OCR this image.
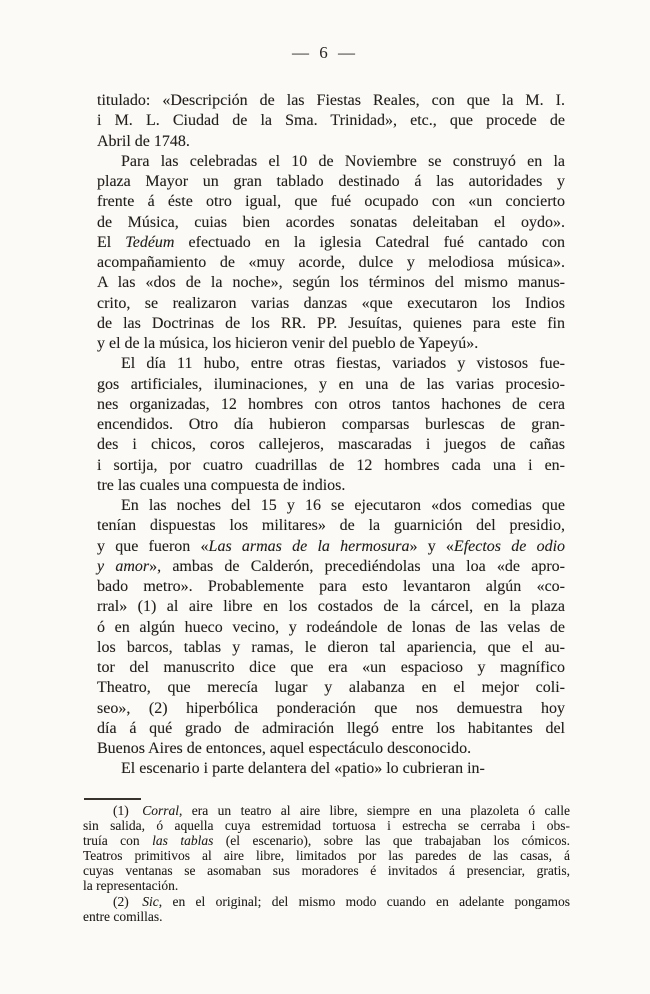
— 6 —
titulado: «Descripción de las Fiestas Reales, con que la M. I.
i M. L. Ciudad de la Sma. Trinidad», etc., que procede de
Abril de 1748.
Para las celebradas el 10 de Noviembre se construyó en la
plaza Mayor un gran tablado destinado á las autoridades y
frente á éste otro igual, que fué ocupado con «un concierto
de Música, cuias bien acordes sonatas deleitaban el oydo».
El Tedéum efectuado en la iglesia Catedral fué cantado con
acompañamiento de «muy acorde, dulce y melodiosa música».
A las «dos de la noche», según los términos del mismo manus-
crito, se realizaron varias danzas «que executaron los Indios
de las Doctrinas de los RR. PP. Jesuítas, quienes para este fin
y el de la música, los hicieron venir del pueblo de Yapeyú».
El día 11 hubo, entre otras fiestas, variados y vistosos fue-
gos artificiales, iluminaciones, y en una de las varias procesio-
nes organizadas, 12 hombres con otros tantos hachones de cera
encendidos. Otro día hubieron comparsas burlescas de gran-
des i chicos, coros callejeros, mascaradas i juegos de cañas
i sortija, por cuatro cuadrillas de 12 hombres cada una i en-
tre las cuales una compuesta de indios.
En las noches del 15 y 16 se ejecutaron «dos comedias que
tenían dispuestas los militares» de la guarnición del presidio,
y que fueron «Las armas de la hermosura» y «Efectos de odio
y amor», ambas de Calderón, precediéndolas una loa «de apro-
bado metro». Probablemente para esto levantaron algún «co-
rral» (1) al aire libre en los costados de la cárcel, en la plaza
ó en algún hueco vecino, y rodeándole de lonas de las velas de
los barcos, tablas y ramas, le dieron tal apariencia, que el au-
tor del manuscrito dice que era «un espacioso y magnífico
Theatro, que merecía lugar y alabanza en el mejor coli-
seo», (2) hiperbólica ponderación que nos demuestra hoy
día á qué grado de admiración llegó entre los habitantes del
Buenos Aires de entonces, aquel espectáculo desconocido.
El escenario i parte delantera del «patio» lo cubrieran in-
(1) Corral, era un teatro al aire libre, siempre en una plazoleta ó calle
sin salida, ó aquella cuya estremidad tortuosa i estrecha se cerraba i obs-
truía con las tablas (el escenario), sobre las que trabajaban los cómicos.
Teatros primitivos al aire libre, limitados por las paredes de las casas, á
cuyas ventanas se asomaban sus moradores é invitados á presenciar, gratis,
la representación.
(2) Sic, en el original; del mismo modo cuando en adelante pongamos
entre comillas.
